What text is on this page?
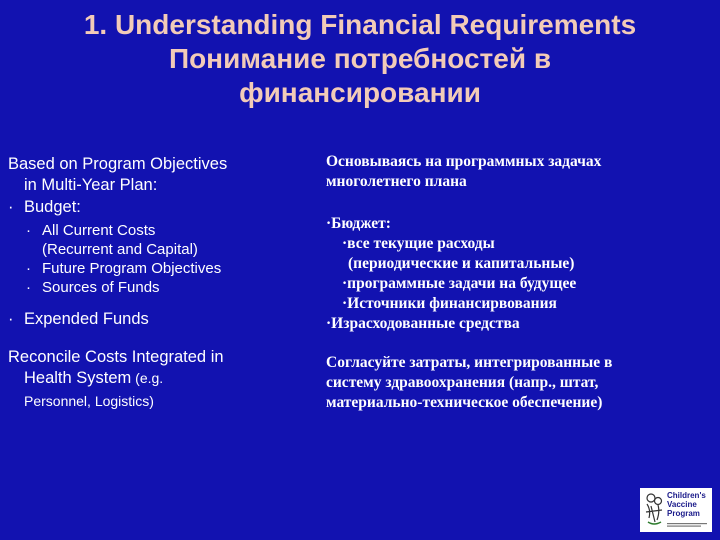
1. Understanding Financial Requirements
Понимание потребностей в
финансировании
Based on Program Objectives
in Multi-Year Plan:
· Budget:
· All Current Costs
(Recurrent and Capital)
· Future Program Objectives
· Sources of Funds
· Expended Funds
Reconcile Costs Integrated in
Health System (e.g.
Personnel, Logistics)
Основываясь на программных задачах
многолетнего плана
·Бюджет:
·все текущие расходы
(периодические и капитальные)
·программные задачи на будущее
·Источники финансирвования
·Израсходованные средства
Согласуйте затраты, интегрированные в
систему здравоохранения (напр., штат,
материально-техническое обеспечение)
Children's
Vaccine
Program
